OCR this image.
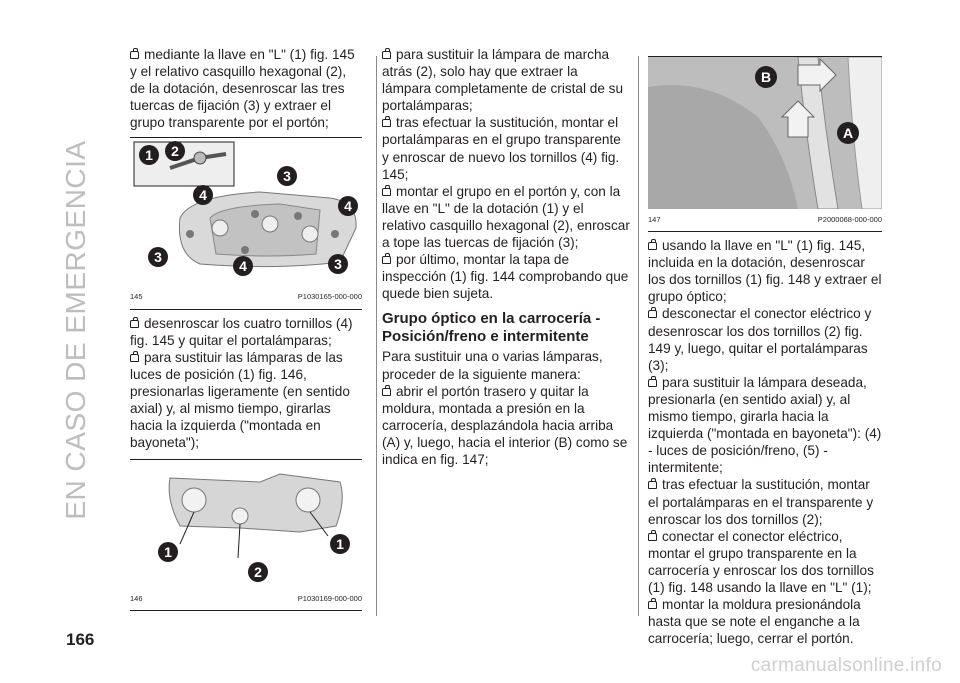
EN CASO DE EMERGENCIA

mediante la llave en "L" (1) fig. 145 y el relativo casquillo hexagonal (2), de la dotación, desenroscar las tres tuercas de fijación (3) y extraer el grupo transparente por el portón;

1 2
3
4
4
3
4	3
145	P1030165-000-000

desenroscar los cuatro tornillos (4) fig. 145 y quitar el portalámparas;

para sustituir las lámparas de las luces de posición (1) fig. 146, presionarlas ligeramente (en sentido axial) y, al mismo tiempo, girarlas hacia la izquierda ("montada en bayoneta");

1	1
2
146	P1030169-000-000

para sustituir la lámpara de marcha atrás (2), solo hay que extraer la lámpara completamente de cristal de su portalámparas;

tras efectuar la sustitución, montar el portalámparas en el grupo transparente y enroscar de nuevo los tornillos (4) fig. 145;

montar el grupo en el portón y, con la llave en "L" de la dotación (1) y el relativo casquillo hexagonal (2), enroscar a tope las tuercas de fijación (3);

por último, montar la tapa de inspección (1) fig. 144 comprobando que quede bien sujeta.

Grupo óptico en la carrocería - Posición/freno e intermitente

Para sustituir una o varias lámparas, proceder de la siguiente manera:

abrir el portón trasero y quitar la moldura, montada a presión en la carrocería, desplazándola hacia arriba (A) y, luego, hacia el interior (B) como se indica en fig. 147;

B
A
147	P2000068-000-000

usando la llave en "L" (1) fig. 145, incluida en la dotación, desenroscar los dos tornillos (1) fig. 148 y extraer el grupo óptico;

desconectar el conector eléctrico y desenroscar los dos tornillos (2) fig. 149 y, luego, quitar el portalámparas (3);

para sustituir la lámpara deseada, presionarla (en sentido axial) y, al mismo tiempo, girarla hacia la izquierda ("montada en bayoneta"): (4) - luces de posición/freno, (5) - intermitente;

tras efectuar la sustitución, montar el portalámparas en el transparente y enroscar los dos tornillos (2);

conectar el conector eléctrico, montar el grupo transparente en la carrocería y enroscar los dos tornillos (1) fig. 148 usando la llave en "L" (1);

montar la moldura presionándola hasta que se note el enganche a la carrocería; luego, cerrar el portón.

166
carmanualsonline.info
